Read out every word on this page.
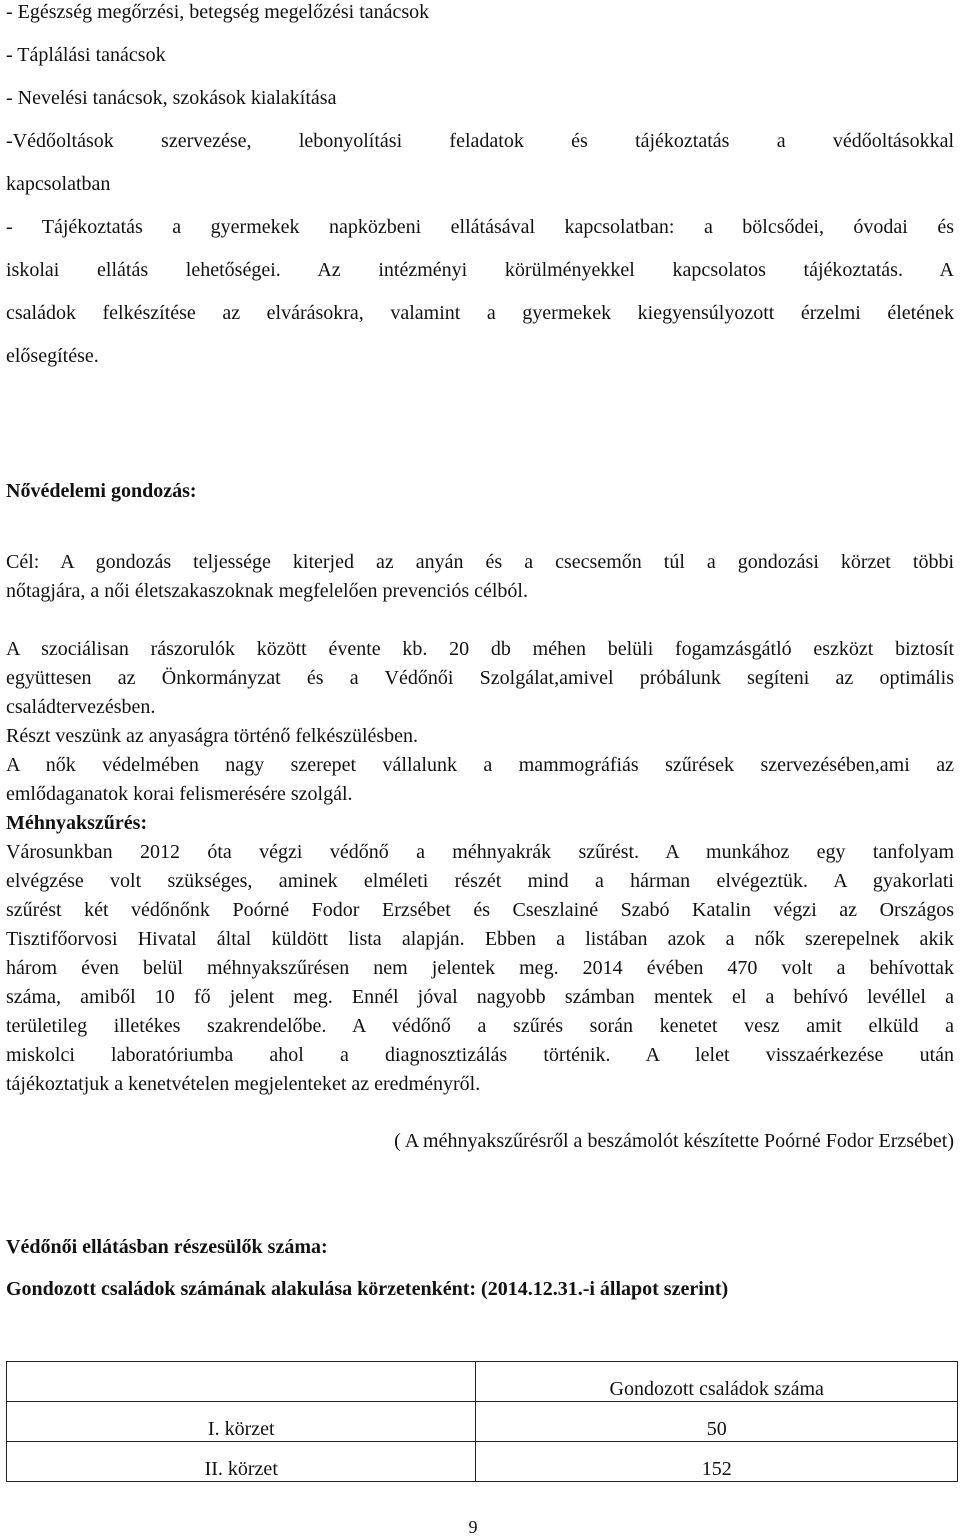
- Egészség megőrzési, betegség megelőzési tanácsok
- Táplálási tanácsok
- Nevelési tanácsok, szokások kialakítása
-Védőoltások szervezése, lebonyolítási feladatok és tájékoztatás a védőoltásokkal
kapcsolatban
- Tájékoztatás a gyermekek napközbeni ellátásával kapcsolatban: a bölcsődei, óvodai és
iskolai ellátás lehetőségei. Az intézményi körülményekkel kapcsolatos tájékoztatás. A
családok felkészítése az elvárásokra, valamint a gyermekek kiegyensúlyozott érzelmi életének
elősegítése.
Nővédelemi gondozás:
Cél: A gondozás teljessége kiterjed az anyán és a csecsemőn túl a gondozási körzet többi
nőtagjára, a női életszakaszoknak megfelelően prevenciós célból.
A szociálisan rászorulók között évente kb. 20 db méhen belüli fogamzásgátló eszközt biztosít
együttesen az Önkormányzat és a Védőnői Szolgálat,amivel próbálunk segíteni az optimális
családtervezésben.
Részt veszünk az anyaságra történő felkészülésben.
A nők védelmében nagy szerepet vállalunk a mammográfiás szűrések szervezésében,ami az
emlődaganatok korai felismerésére szolgál.
Méhnyakszűrés:
Városunkban 2012 óta végzi védőnő a méhnyakrák szűrést. A munkához egy tanfolyam
elvégzése volt szükséges, aminek elméleti részét mind a hárman elvégeztük. A gyakorlati
szűrést két védőnőnk Poórné Fodor Erzsébet és Cseszlainé Szabó Katalin végzi az Országos
Tisztifőorvosi Hivatal által küldött lista alapján. Ebben a listában azok a nők szerepelnek akik
három éven belül méhnyakszűrésen nem jelentek meg. 2014 évében 470 volt a behívottak
száma, amiből 10 fő jelent meg. Ennél jóval nagyobb számban mentek el a behívó levéllel a
területileg illetékes szakrendelőbe. A védőnő a szűrés során kenetet vesz amit elküld a
miskolci laboratóriumba ahol a diagnosztizálás történik. A lelet visszaérkezése után
tájékoztatjuk a kenetvételen megjelenteket az eredményről.
( A méhnyakszűrésről a beszámolót készítette Poórné Fodor Erzsébet)
Védőnői ellátásban részesülők száma:
Gondozott családok számának alakulása körzetenként: (2014.12.31.-i állapot szerint)
	Gondozott családok száma
I. körzet	50
II. körzet	152
9
